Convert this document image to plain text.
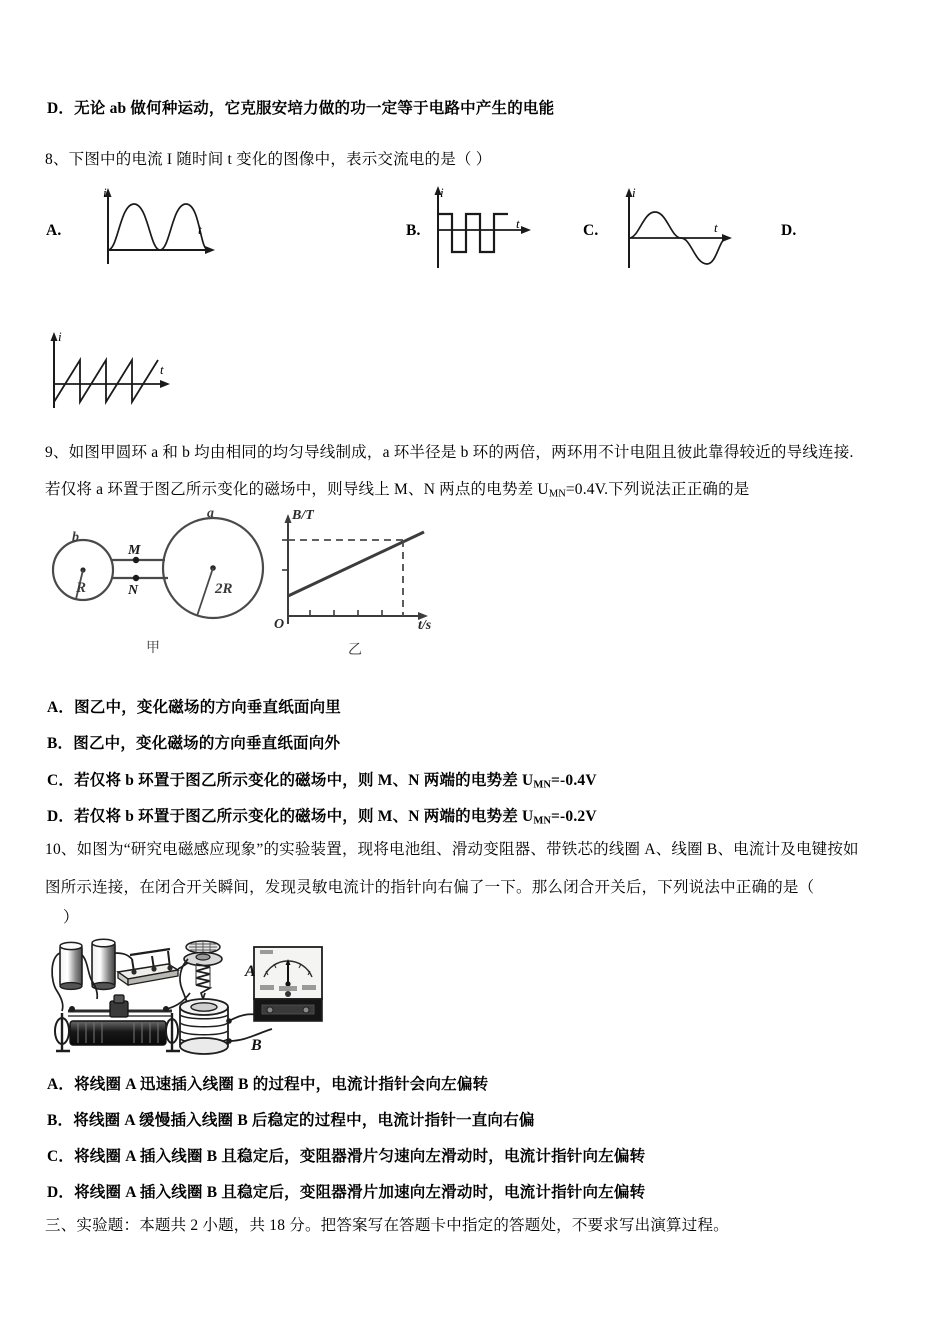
D．无论 ab 做何种运动，它克服安培力做的功一定等于电路中产生的电能
8、下图中的电流 I 随时间 t 变化的图像中，表示交流电的是（ ）
A.
i
t	B.
i
t	C.
i
t	D.
i
t
9、如图甲圆环 a 和 b 均由相同的均匀导线制成，a 环半径是 b 环的两倍，两环用不计电阻且彼此靠得较近的导线连接.
若仅将 a 环置于图乙所示变化的磁场中，则导线上 M、N 两点的电势差 $U_{MN}=0.4V$.下列说法正正确的是
b
R
a
2R
M
N
甲
B/T
t/s
O
乙
A．图乙中，变化磁场的方向垂直纸面向里
B．图乙中，变化磁场的方向垂直纸面向外
C．若仅将 b 环置于图乙所示变化的磁场中，则 M、N 两端的电势差 $U_{MN}=-0.4V$
D．若仅将 b 环置于图乙所示变化的磁场中，则 M、N 两端的电势差 $U_{MN}=-0.2V$
10、如图为“研究电磁感应现象”的实验装置，现将电池组、滑动变阻器、带铁芯的线圈 A、线圈 B、电流计及电键按如
图所示连接，在闭合开关瞬间，发现灵敏电流计的指针向右偏了一下。那么闭合开关后，下列说法中正确的是（
）
A
B
A．将线圈 A 迅速插入线圈 B 的过程中，电流计指针会向左偏转
B．将线圈 A 缓慢插入线圈 B 后稳定的过程中，电流计指针一直向右偏
C．将线圈 A 插入线圈 B 且稳定后，变阻器滑片匀速向左滑动时，电流计指针向左偏转
D．将线圈 A 插入线圈 B 且稳定后，变阻器滑片加速向左滑动时，电流计指针向左偏转
三、实验题：本题共 2 小题，共 18 分。把答案写在答题卡中指定的答题处，不要求写出演算过程。
